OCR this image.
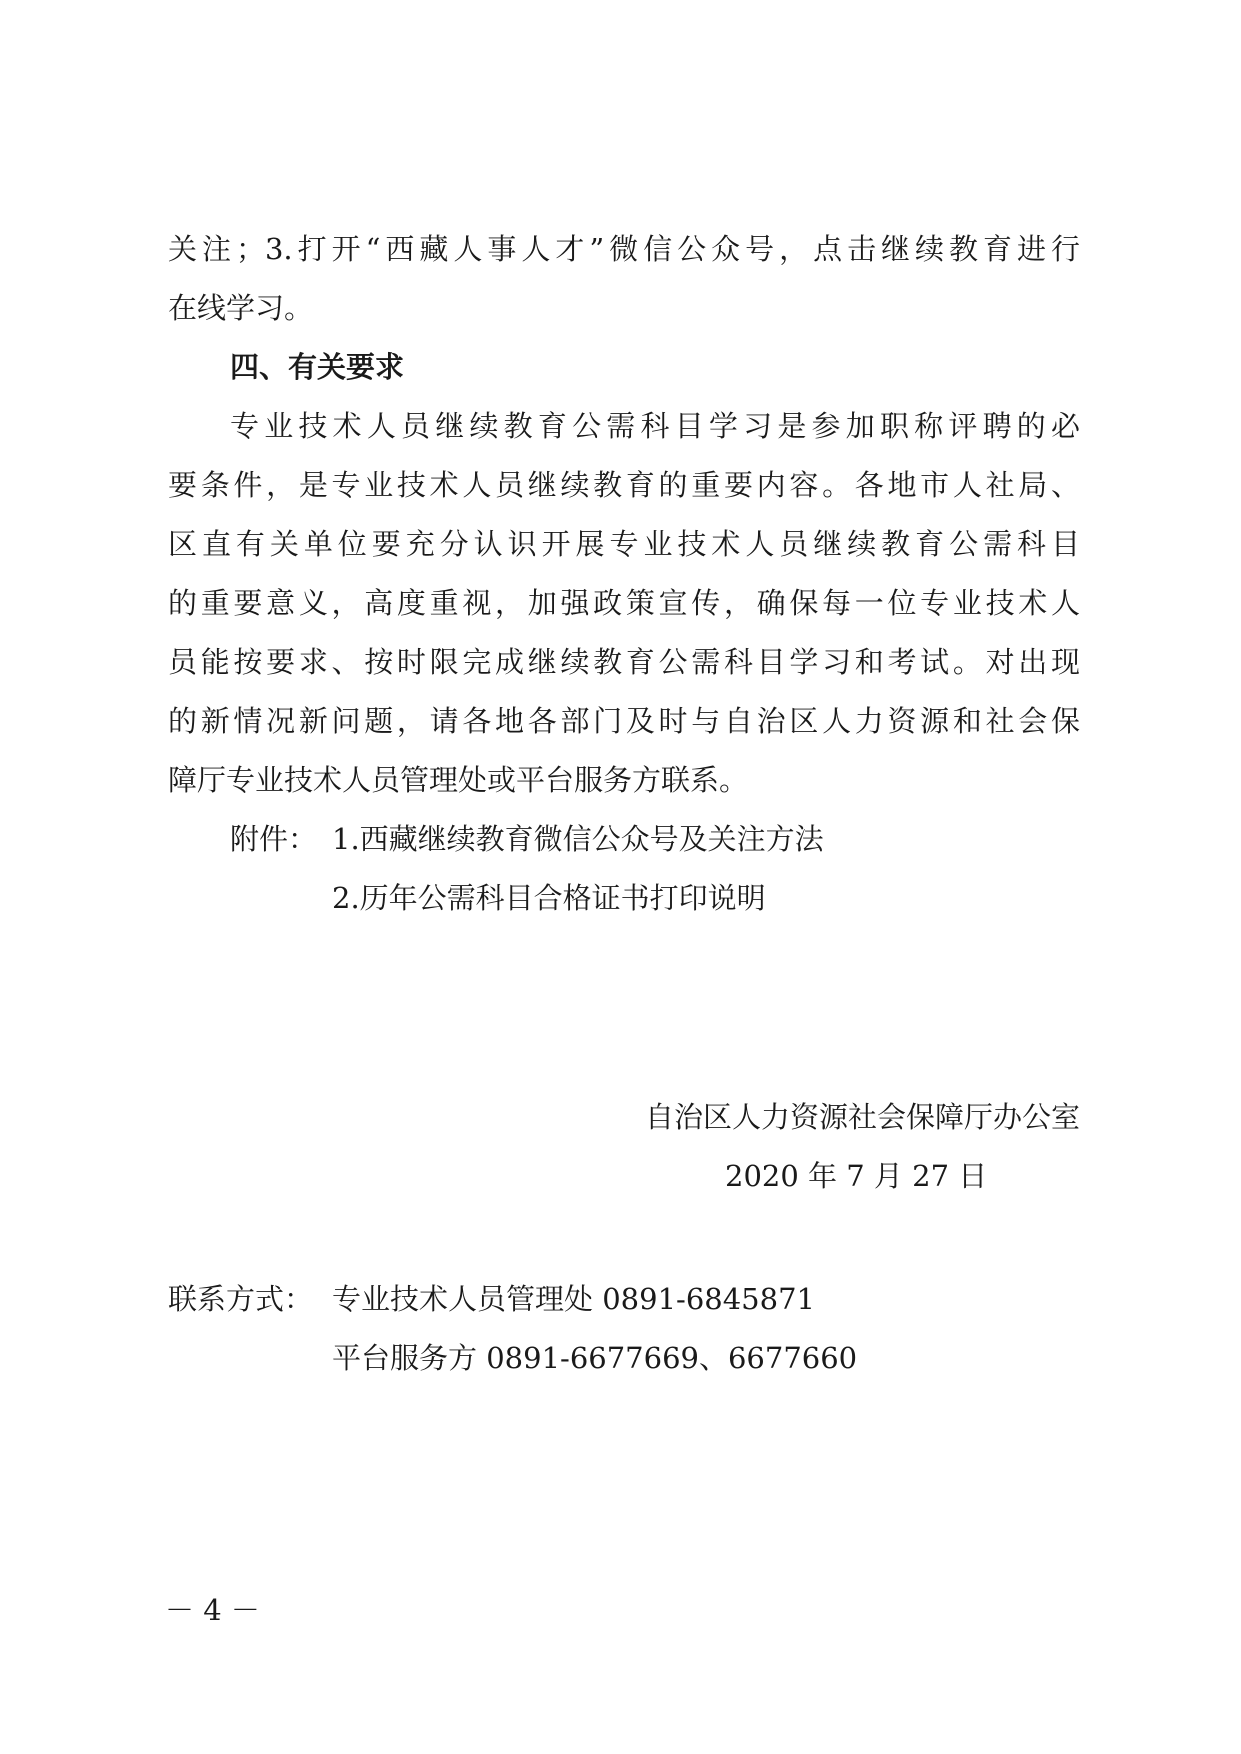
关注；3.打开“西藏人事人才”微信公众号，点击继续教育进行
在线学习。
四、有关要求
专业技术人员继续教育公需科目学习是参加职称评聘的必
要条件，是专业技术人员继续教育的重要内容。各地市人社局、
区直有关单位要充分认识开展专业技术人员继续教育公需科目
的重要意义，高度重视，加强政策宣传，确保每一位专业技术人
员能按要求、按时限完成继续教育公需科目学习和考试。对出现
的新情况新问题，请各地各部门及时与自治区人力资源和社会保
障厅专业技术人员管理处或平台服务方联系。
附件： 1.西藏继续教育微信公众号及关注方法
2.历年公需科目合格证书打印说明
自治区人力资源社会保障厅办公室
2020 年 7 月 27 日
联系方式： 专业技术人员管理处 0891-6845871
平台服务方 0891-6677669、6677660
－ 4 －
